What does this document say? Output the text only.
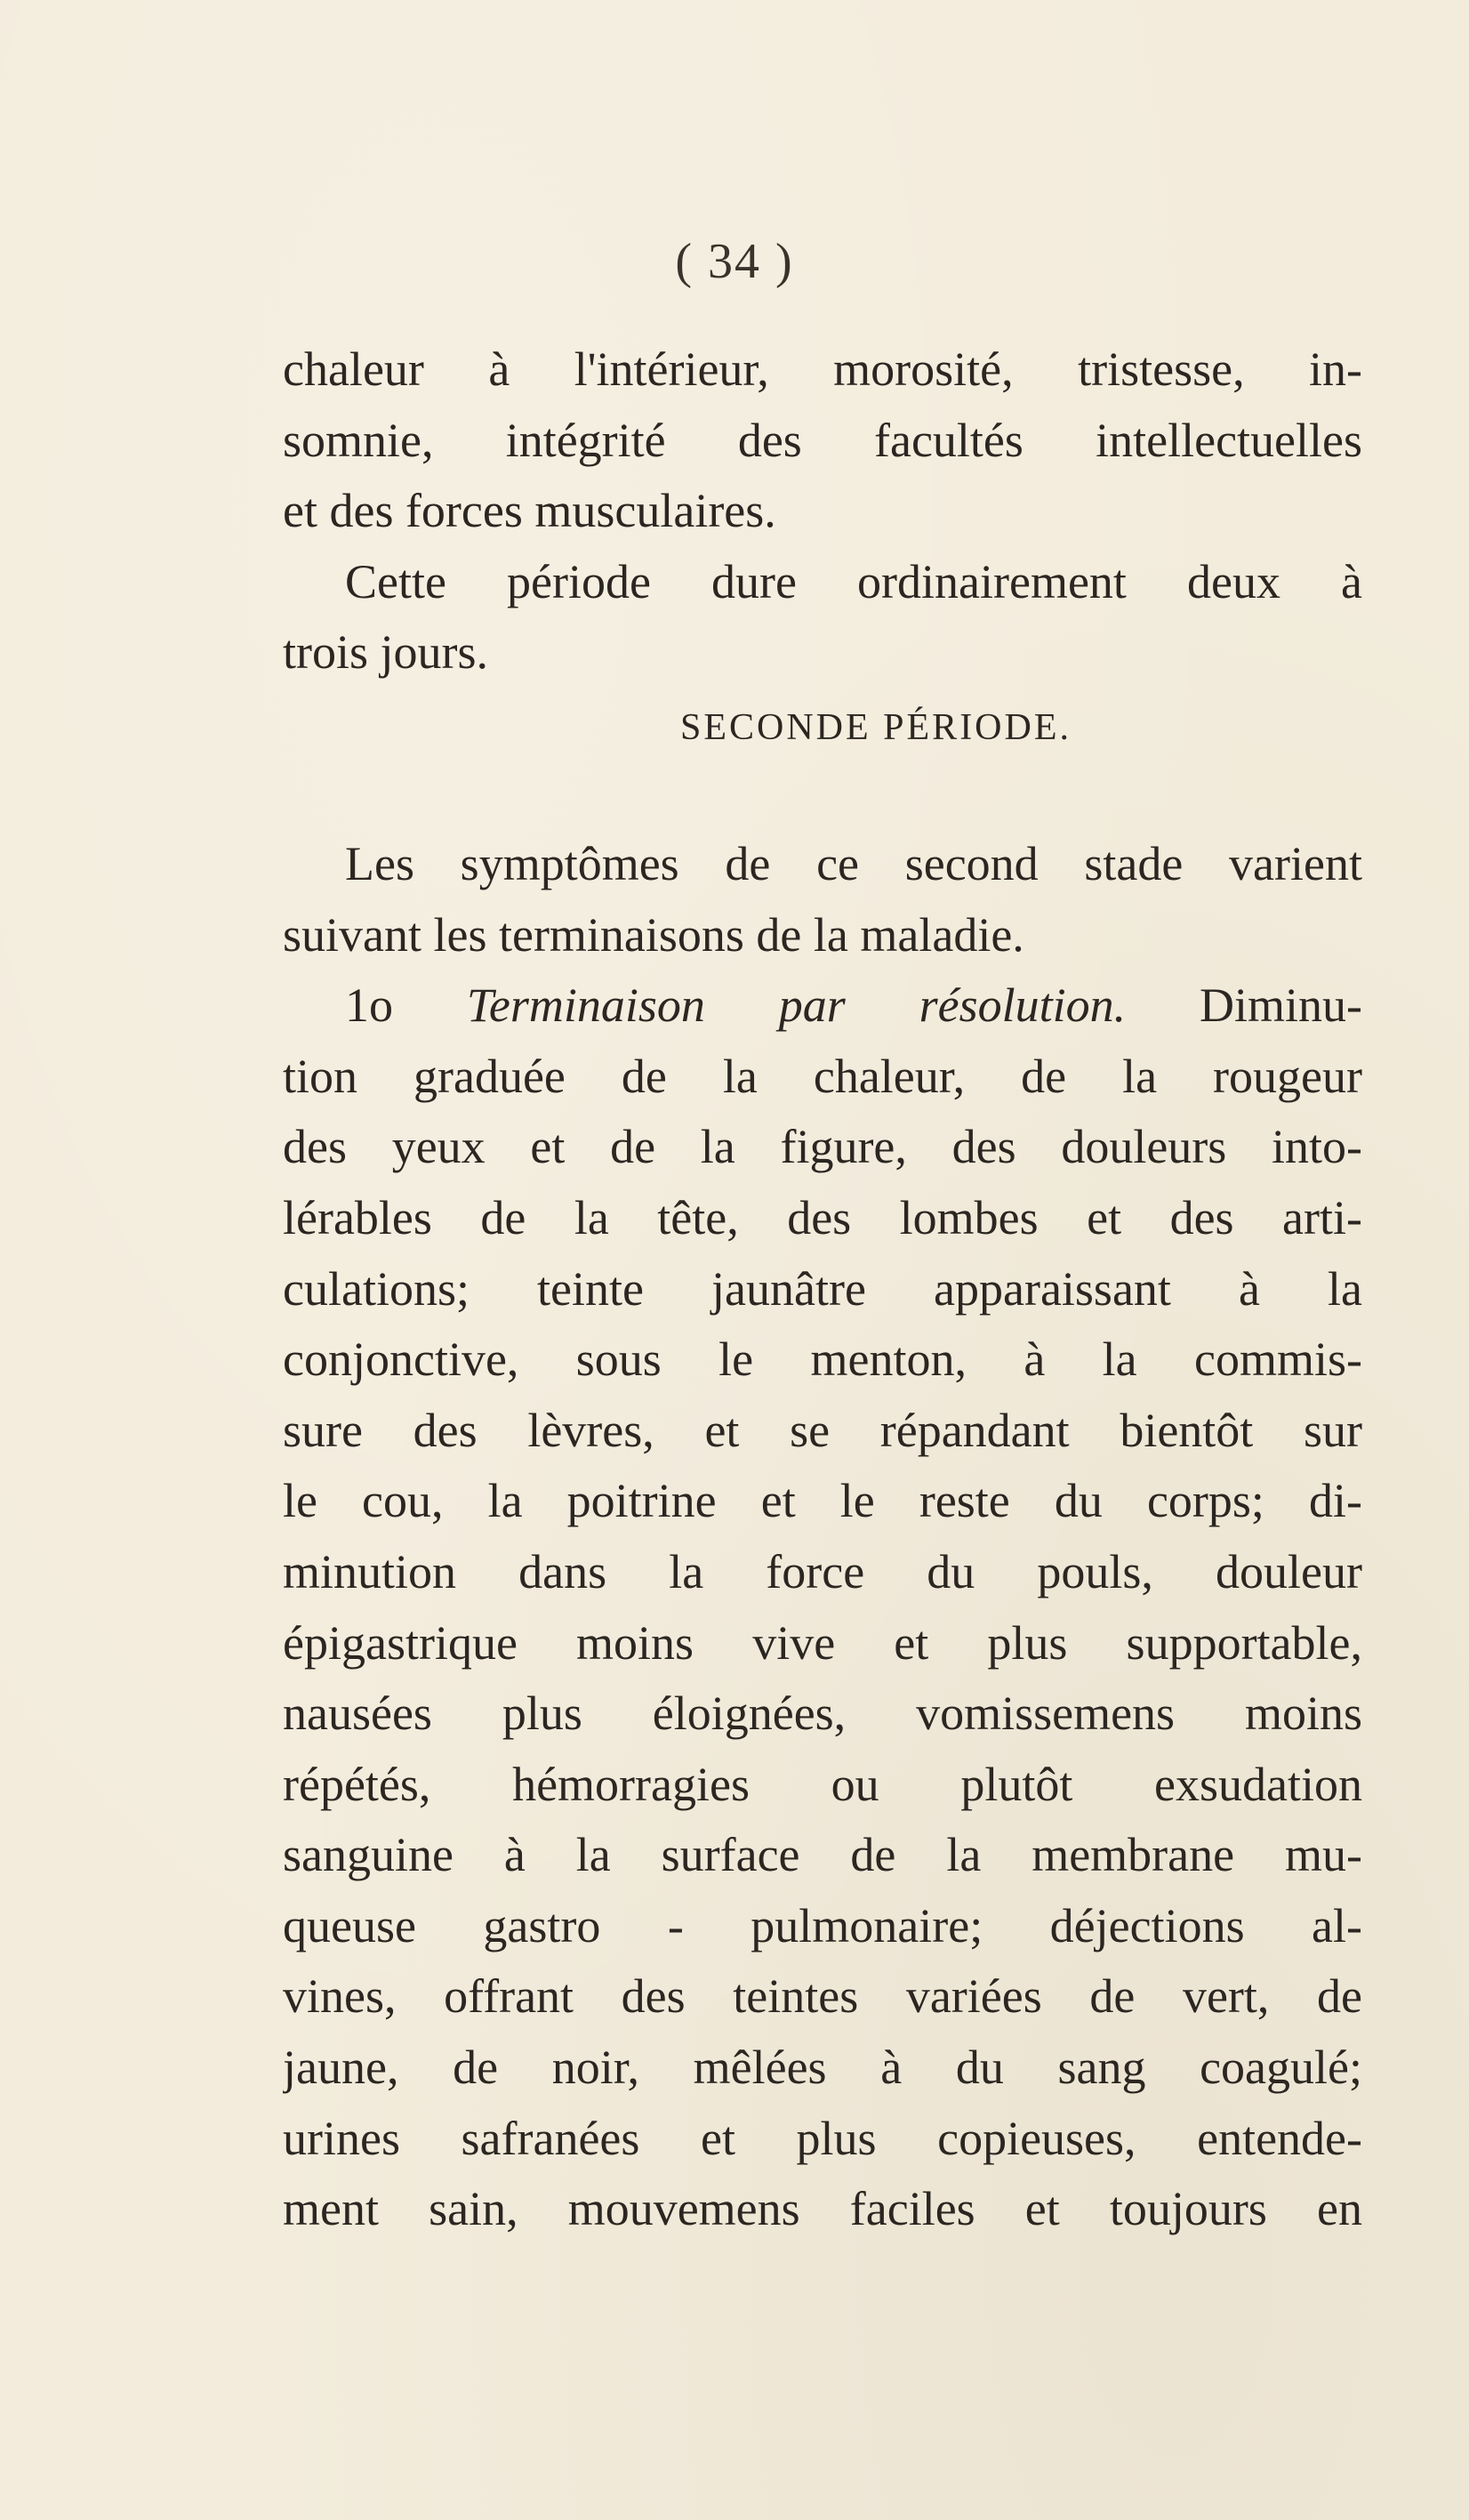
( 34 )
chaleur à l'intérieur, morosité, tristesse, in-
somnie, intégrité des facultés intellectuelles
et des forces musculaires.
Cette période dure ordinairement deux à
trois jours.
SECONDE PÉRIODE.
Les symptômes de ce second stade varient
suivant les terminaisons de la maladie.
1o Terminaison par résolution. Diminu-
tion graduée de la chaleur, de la rougeur
des yeux et de la figure, des douleurs into-
lérables de la tête, des lombes et des arti-
culations; teinte jaunâtre apparaissant à la
conjonctive, sous le menton, à la commis-
sure des lèvres, et se répandant bientôt sur
le cou, la poitrine et le reste du corps; di-
minution dans la force du pouls, douleur
épigastrique moins vive et plus supportable,
nausées plus éloignées, vomissemens moins
répétés, hémorragies ou plutôt exsudation
sanguine à la surface de la membrane mu-
queuse gastro - pulmonaire; déjections al-
vines, offrant des teintes variées de vert, de
jaune, de noir, mêlées à du sang coagulé;
urines safranées et plus copieuses, entende-
ment sain, mouvemens faciles et toujours en
